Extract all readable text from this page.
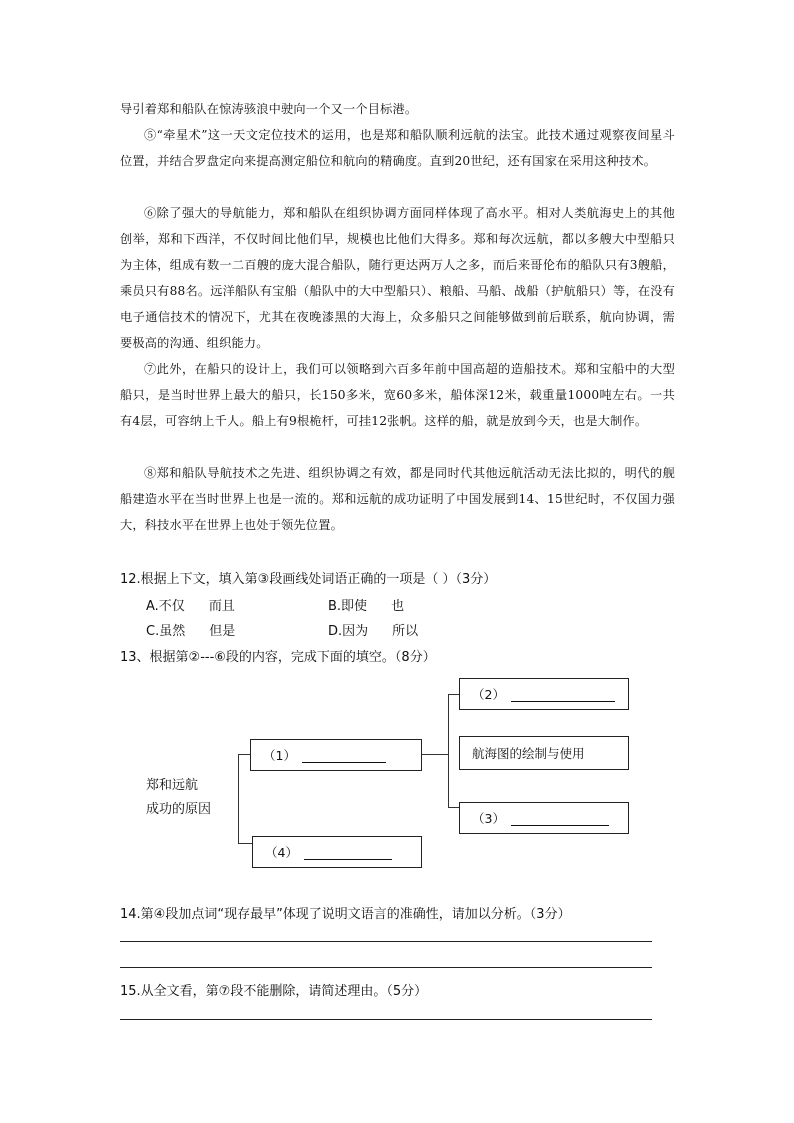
导引着郑和船队在惊涛骇浪中驶向一个又一个目标港。
⑤“牵星术”这一天文定位技术的运用，也是郑和船队顺利远航的法宝。此技术通过观察夜间星斗位置，并结合罗盘定向来提高测定船位和航向的精确度。直到20世纪，还有国家在采用这种技术。
⑥除了强大的导航能力，郑和船队在组织协调方面同样体现了高水平。相对人类航海史上的其他创举，郑和下西洋，不仅时间比他们早，规模也比他们大得多。郑和每次远航，都以多艘大中型船只为主体，组成有数一二百艘的庞大混合船队，随行更达两万人之多，而后来哥伦布的船队只有3艘船，乘员只有88名。远洋船队有宝船（船队中的大中型船只）、粮船、马船、战船（护航船只）等，在没有电子通信技术的情况下，尤其在夜晚漆黑的大海上，众多船只之间能够做到前后联系，航向协调，需要极高的沟通、组织能力。
⑦此外，在船只的设计上，我们可以领略到六百多年前中国高超的造船技术。郑和宝船中的大型船只，是当时世界上最大的船只，长150多米，宽60多米，船体深12米，载重量1000吨左右。一共有4层，可容纳上千人。船上有9根桅杆，可挂12张帆。这样的船，就是放到今天，也是大制作。
⑧郑和船队导航技术之先进、组织协调之有效，都是同时代其他远航活动无法比拟的，明代的舰船建造水平在当时世界上也是一流的。郑和远航的成功证明了中国发展到14、15世纪时，不仅国力强大，科技水平在世界上也处于领先位置。
12.根据上下文，填入第③段画线处词语正确的一项是（ ）（3分）
A.不仅 而且	B.即使 也
C.虽然 但是	D.因为 所以
13、根据第②---⑥段的内容，完成下面的填空。（8分）
郑和远航
成功的原因
（1）
（2）
航海图的绘制与使用
（3）
（4）
14.第④段加点词“现存最早”体现了说明文语言的准确性，请加以分析。（3分）
15.从全文看，第⑦段不能删除，请简述理由。（5分）
